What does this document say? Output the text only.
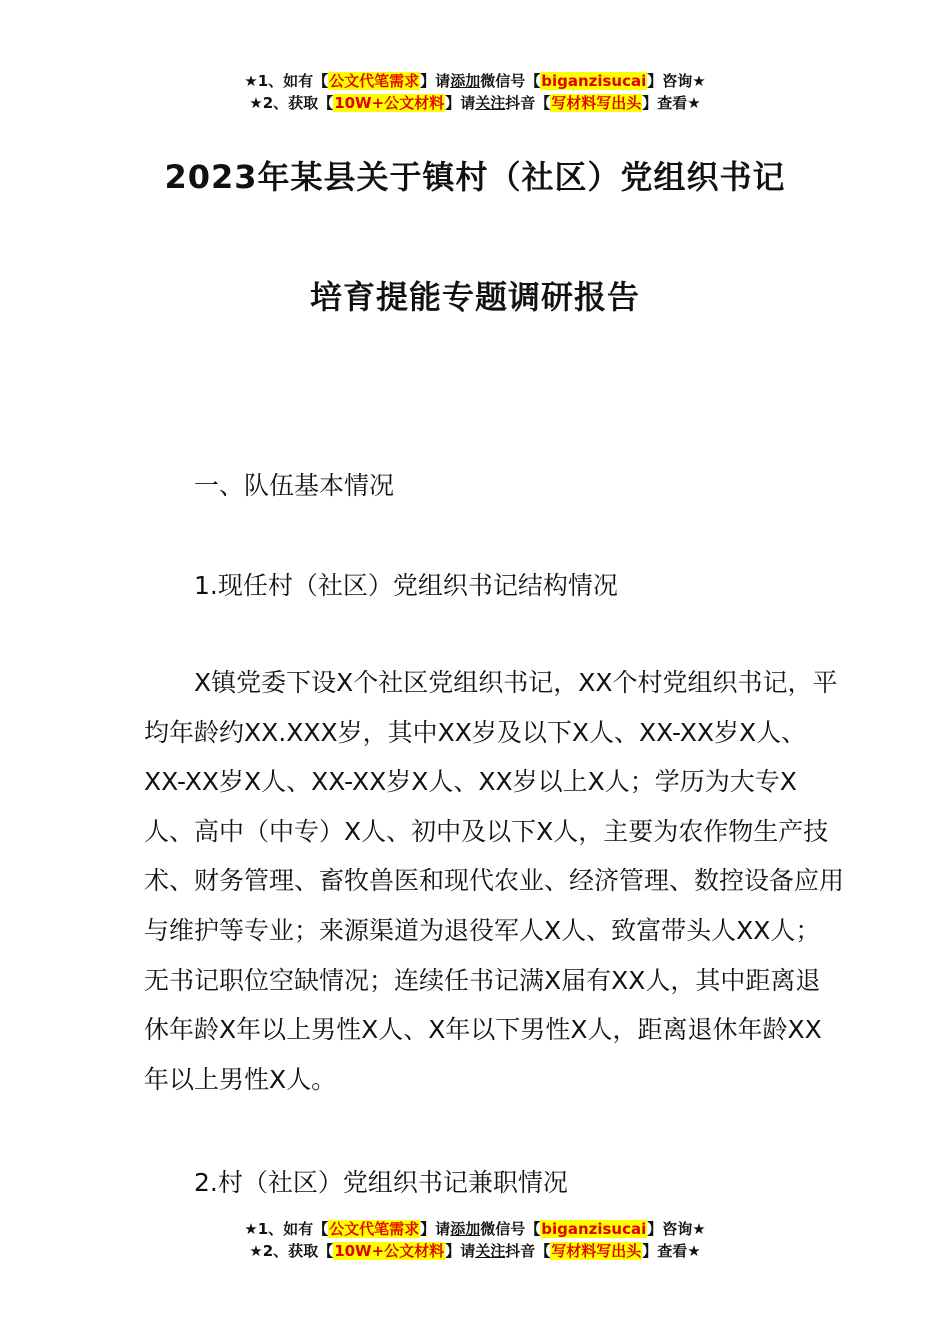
★1、如有【公文代笔需求】请添加微信号【biganzisucai】咨询★
★2、获取【10W+公文材料】请关注抖音【写材料写出头】查看★
2023年某县关于镇村（社区）党组织书记
培育提能专题调研报告
一、队伍基本情况
1.现任村（社区）党组织书记结构情况
X镇党委下设X个社区党组织书记，XX个村党组织书记，平均年龄约XX.XXX岁，其中XX岁及以下X人、XX-XX岁X人、XX-XX岁X人、XX-XX岁X人、XX岁以上X人；学历为大专X人、高中（中专）X人、初中及以下X人，主要为农作物生产技术、财务管理、畜牧兽医和现代农业、经济管理、数控设备应用与维护等专业；来源渠道为退役军人X人、致富带头人XX人；无书记职位空缺情况；连续任书记满X届有XX人，其中距离退休年龄X年以上男性X人、X年以下男性X人，距离退休年龄XX年以上男性X人。
2.村（社区）党组织书记兼职情况
★1、如有【公文代笔需求】请添加微信号【biganzisucai】咨询★
★2、获取【10W+公文材料】请关注抖音【写材料写出头】查看★
